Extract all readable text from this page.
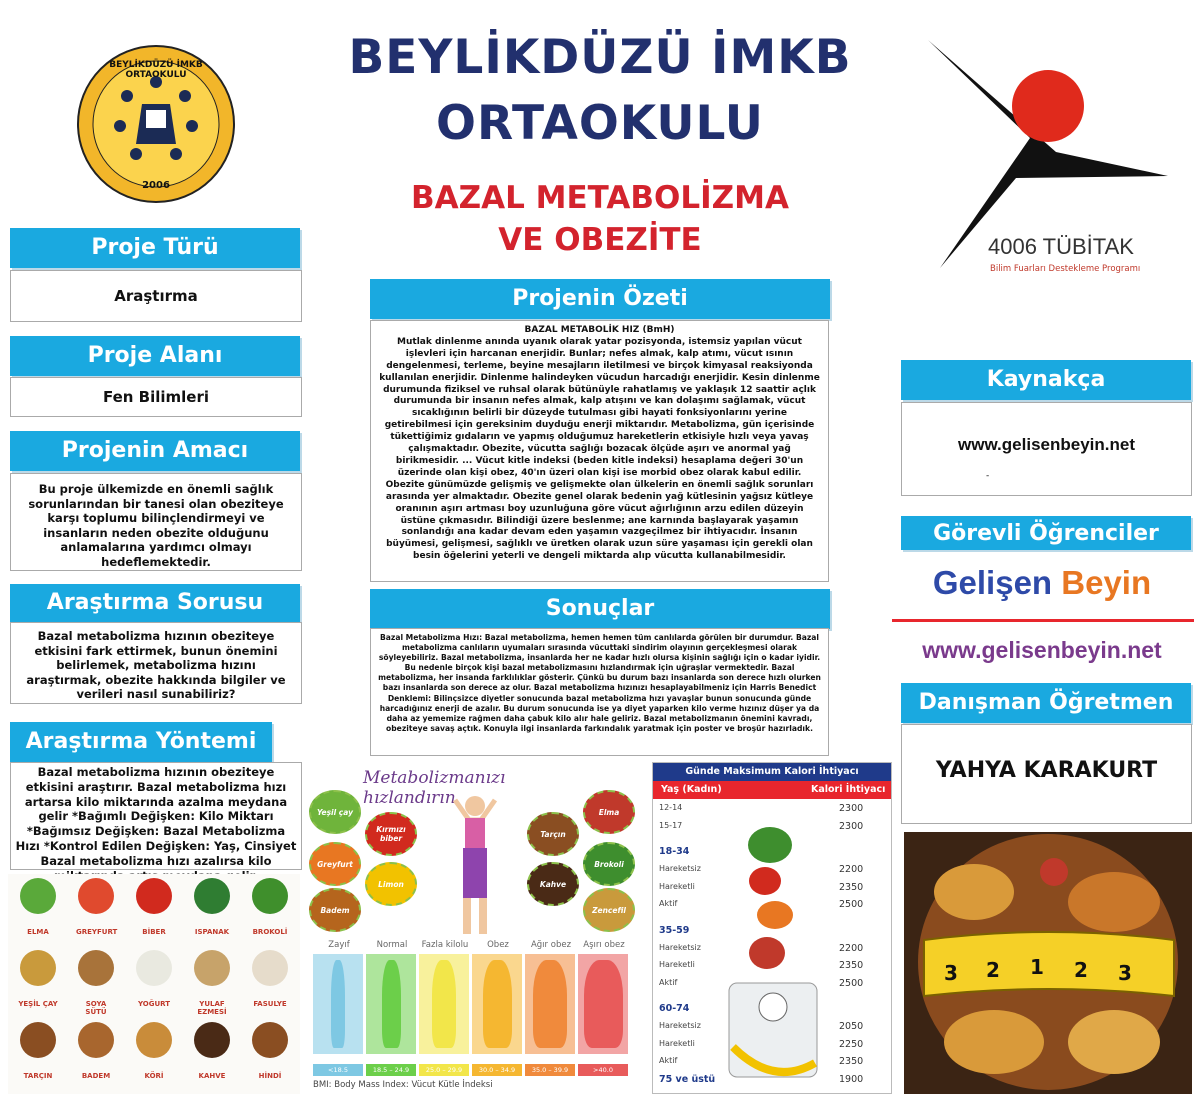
BEYLİKDÜZÜ İMKB ORTAOKULU
2006
BEYLİKDÜZÜ İMKB
ORTAOKULU
BAZAL METABOLİZMA
VE OBEZİTE	4006 TÜBİTAK
Bilim Fuarları Destekleme Programı
Proje Türü
Araştırma
Proje Alanı
Fen Bilimleri
Projenin Amacı
Bu proje ülkemizde en önemli sağlık sorunlarından bir tanesi olan obeziteye karşı toplumu bilinçlendirmeyi ve insanların neden obezite olduğunu anlamalarına yardımcı olmayı hedeflemektedir.
Araştırma Sorusu
Bazal metabolizma hızının obeziteye etkisini fark ettirmek, bunun önemini belirlemek, metabolizma hızını araştırmak, obezite hakkında bilgiler ve verileri nasıl sunabiliriz?
Araştırma Yöntemi
Bazal metabolizma hızının obeziteye etkisini araştırır. Bazal metabolizma hızı artarsa kilo miktarında azalma meydana gelir *Bağımlı Değişken: Kilo Miktarı *Bağımsız Değişken: Bazal Metabolizma Hızı *Kontrol Edilen Değişken: Yaş, Cinsiyet Bazal metabolizma hızı azalırsa kilo
ELMA	GREYFURT	BİBER	ISPANAK	BROKOLİ
YEŞİL ÇAY	SOYA SÜTÜ
YOĞURT	YULAF EZMESİ
FASULYE
TARÇIN	BADEM	KÖRİ	KAHVE	HİNDİ
Projenin Özeti
BAZAL METABOLİK HIZ (BmH)
Mutlak dinlenme anında uyanık olarak yatar pozisyonda, istemsiz yapılan vücut işlevleri için harcanan enerjidir. Bunlar; nefes almak, kalp atımı, vücut ısının dengelenmesi, terleme, beyine mesajların iletilmesi ve birçok kimyasal reaksiyonda kullanılan enerjidir. Dinlenme halindeyken vücudun harcadığı enerjidir. Kesin dinlenme durumunda fiziksel ve ruhsal olarak bütünüyle rahatlamış ve yaklaşık 12 saattir açlık durumunda bir insanın nefes almak, kalp atışını ve kan dolaşımı sağlamak, vücut sıcaklığının belirli bir düzeyde tutulması gibi hayati fonksiyonlarını yerine getirebilmesi için gereksinim duyduğu enerji miktarıdır. Metabolizma, gün içerisinde tükettiğimiz gıdaların ve yapmış olduğumuz hareketlerin etkisiyle hızlı veya yavaş çalışmaktadır. Obezite, vücutta sağlığı bozacak ölçüde aşırı ve anormal yağ birikmesidir. ... Vücut kitle indeksi (beden kitle indeksi) hesaplama değeri 30'un üzerinde olan kişi obez, 40'ın üzeri olan kişi ise morbid obez olarak kabul edilir. Obezite günümüzde gelişmiş ve gelişmekte olan ülkelerin en önemli sağlık sorunları arasında yer almaktadır. Obezite genel olarak bedenin yağ kütlesinin yağsız kütleye oranının aşırı artması boy uzunluğuna göre vücut ağırlığının arzu edilen düzeyin üstüne çıkmasıdır. Bilindiği üzere beslenme; ane karnında başlayarak yaşamın sonlandığı ana kadar devam eden yaşamın vazgeçilmez bir ihtiyacıdır. İnsanın büyümesi, gelişmesi, sağlıklı ve üretken olarak uzun süre yaşaması için gerekli olan besin öğelerini yeterli ve dengeli miktarda alıp vücutta kullanabilmesidir.
Sonuçlar
Bazal Metabolizma Hızı: Bazal metabolizma, hemen hemen tüm canlılarda görülen bir durumdur. Bazal metabolizma canlıların uyumaları sırasında vücuttaki sindirim olayının gerçekleşmesi olarak söyleyebiliriz. Bazal metabolizma, insanlarda her ne kadar hızlı olursa kişinin sağlığı için o kadar iyidir. Bu nedenle birçok kişi bazal metabolizmasını hızlandırmak için uğraşlar vermektedir. Bazal metabolizma, her insanda farklılıklar gösterir. Çünkü bu durum bazı insanlarda son derece hızlı olurken bazı insanlarda son derece az olur. Bazal metabolizma hızınızı hesaplayabilmeniz için Harris Benedict Denklemi: Bilinçsizce diyetler sonucunda bazal metabolizma hızı yavaşlar bunun sonucunda günde harcadığınız enerji de azalır. Bu durum sonucunda ise ya diyet yaparken kilo verme hızınız düşer ya da daha az yememize rağmen daha çabuk kilo alır hale geliriz. Bazal metabolizmanın önemini kavradı, obeziteye savaş açtık. Konuyla ilgi insanlarda farkındalık yaratmak için poster ve broşür hazırladık.
Metabolizmanızı hızlandırın
Yeşil çay
Kırmızı biber
Greyfurt
Limon
Badem
Elma
Tarçın
Brokoli
Kahve
Zencefil
Zayıf
<18.5
Normal
18.5 – 24.9
Fazla kilolu
25.0 – 29.9
Obez
30.0 – 34.9
Ağır obez
35.0 – 39.9
Aşırı obez
>40.0
BMI: Body Mass Index: Vücut Kütle İndeksi
Günde Maksimum Kalori İhtiyacı
Yaş (Kadın)	Kalori İhtiyacı
12-14	2300
15-17	2300
18-34
Hareketsiz	2200
Hareketli	2350
Aktif	2500
35-59
Hareketsiz	2200
Hareketli	2350
Aktif	2500
60-74
Hareketsiz	2050
Hareketli	2250
Aktif	2350
75 ve üstü	1900
Kaynakça
www.gelisenbeyin.net
-
Görevli Öğrenciler
Gelişen Beyin
www.gelisenbeyin.net
Danışman Öğretmen
YAHYA KARAKURT
3 2 1 2 3
